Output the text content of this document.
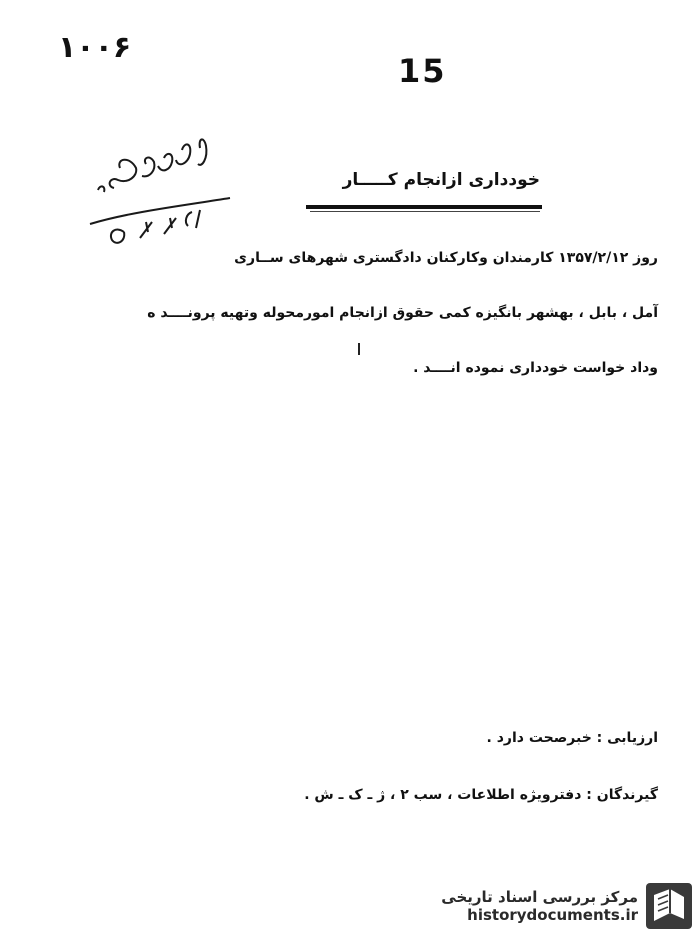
۱۰۰۶
15
خودداری ازانجام کـــــار
روز ۱۳۵۷/۲/۱۲ کارمندان وکارکنان دادگستری شهرهای ســاری
آمل ، بابل ، بهشهر بانگیزه کمی حقوق ازانجام امورمحوله وتهیه پرونــــد ه
وداد خواست خودداری نموده انــــد .
ارزیابی : خبرصحت دارد .
گیرندگان : دفترویژه اطلاعات ، سب ۲ ، ژ ـ ک ـ ش .
مرکز بررسی اسناد تاریخی
historydocuments.ir
